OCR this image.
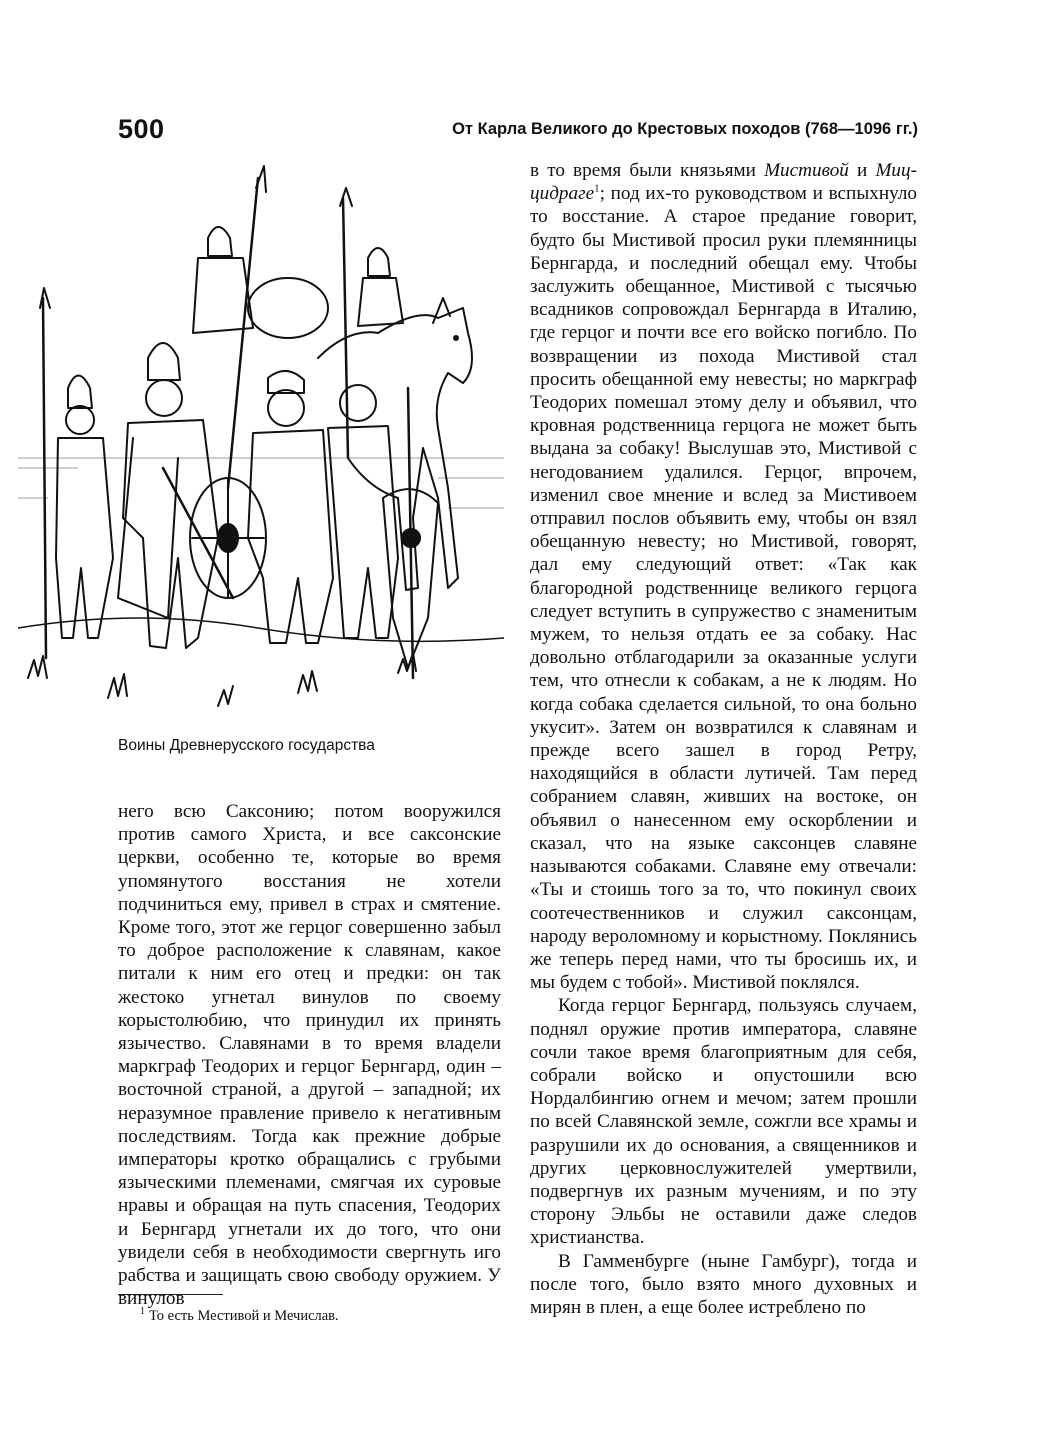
500	От Карла Великого до Крестовых походов (768—1096 гг.)
Воины Древнерусского государства

в то время были князьями Мистивой и Миц-цидраге$^1$; под их-то руководством и вспыхнуло то восстание. А старое предание говорит, будто бы Мистивой просил руки племянницы Бернгарда, и последний обещал ему. Чтобы заслужить обещанное, Мистивой с тысячью всадников сопровождал Бернгарда в Италию, где герцог и почти все его войско погибло. По возвращении из похода Мистивой стал просить обещанной ему невесты; но маркграф Теодорих помешал этому делу и объявил, что кровная родственница герцога не может быть выдана за собаку! Выслушав это, Мистивой с негодованием удалился. Герцог, впрочем, изменил свое мнение и вслед за Мистивоем отправил послов объявить ему, чтобы он взял обещанную невесту; но Мистивой, говорят, дал ему следующий ответ: «Так как благородной родственнице великого герцога следует вступить в супружество с знаменитым мужем, то нельзя отдать ее за собаку. Нас довольно отблагодарили за оказанные услуги тем, что отнесли к собакам, а не к людям. Но когда собака сделается сильной, то она больно укусит». Затем он возвратился к славянам и прежде всего зашел в город Ретру, находящийся в области лутичей. Там перед собранием славян, живших на востоке, он объявил о нанесенном ему оскорблении и сказал, что на языке саксонцев славяне называются собаками. Славяне ему отвечали: «Ты и стоишь того за то, что покинул своих соотечественников и служил саксонцам, народу вероломному и корыстному. Поклянись же теперь перед нами, что ты бросишь их, и мы будем с тобой». Мистивой поклялся.

Когда герцог Бернгард, пользуясь случаем, поднял оружие против императора, славяне сочли такое время благоприятным для себя, собрали войско и опустошили всю Нордалбингию огнем и мечом; затем прошли по всей Славянской земле, сожгли все храмы и разрушили их до основания, а священников и других церковнослужителей умертвили, подвергнув их разным мучениям, и по эту сторону Эльбы не оставили даже следов христианства.

В Гамменбурге (ныне Гамбург), тогда и после того, было взято много духовных и мирян в плен, а еще более истреблено по

него всю Саксонию; потом вооружился против самого Христа, и все саксонские церкви, особенно те, которые во время упомянутого восстания не хотели подчиниться ему, привел в страх и смятение. Кроме того, этот же герцог совершенно забыл то доброе расположение к славянам, какое питали к ним его отец и предки: он так жестоко угнетал винулов по своему корыстолюбию, что принудил их принять язычество. Славянами в то время владели маркграф Теодорих и герцог Бернгард, один – восточной страной, а другой – западной; их неразумное правление привело к негативным последствиям. Тогда как прежние добрые императоры кротко обращались с грубыми языческими племенами, смягчая их суровые нравы и обращая на путь спасения, Теодорих и Бернгард угнетали их до того, что они увидели себя в необходимости свергнуть иго рабства и защищать свою свободу оружием. У винулов

$^1$ То есть Местивой и Мечислав.
